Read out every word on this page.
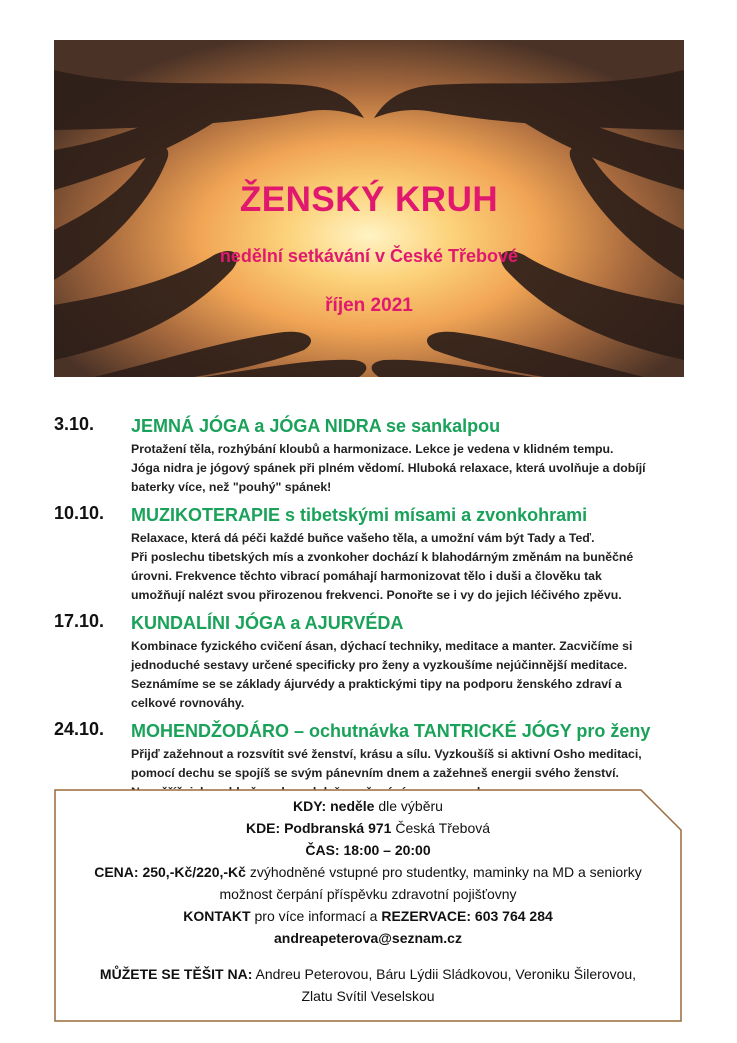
ŽENSKÝ KRUH
nedělní setkávání v České Třebové
říjen 2021
3.10. JEMNÁ JÓGA a JÓGA NIDRA se sankalpou
Protažení těla, rozhýbání kloubů a harmonizace. Lekce je vedena v klidném tempu.
Jóga nidra je jógový spánek při plném vědomí. Hluboká relaxace, která uvolňuje a dobíjí
baterky více, než "pouhý" spánek!
10.10. MUZIKOTERAPIE s tibetskými mísami a zvonkohrami
Relaxace, která dá péči každé buňce vašeho těla, a umožní vám být Tady a Teď.
Při poslechu tibetských mís a zvonkoher dochází k blahodárným změnám na buněčné
úrovni. Frekvence těchto vibrací pomáhají harmonizovat tělo i duši a člověku tak
umožňují nalézt svou přirozenou frekvenci. Ponořte se i vy do jejich léčivého zpěvu.
17.10. KUNDALÍNI JÓGA a AJURVÉDA
Kombinace fyzického cvičení ásan, dýchací techniky, meditace a manter. Zacvičíme si
jednoduché sestavy určené specificky pro ženy a vyzkoušíme nejúčinnější meditace.
Seznámíme se se základy ájurvédy a praktickými tipy na podporu ženského zdraví a
celkové rovnováhy.
24.10. MOHENDŽODÁRO – ochutnávka TANTRICKÉ JÓGY pro ženy
Přijď zažehnout a rozsvítit své ženství, krásu a sílu. Vyzkoušíš si aktivní Osho meditaci,
pomocí dechu se spojíš se svým pánevním dnem a zažehneš energii svého ženství.
KDY: neděle dle výběru
KDE: Podbranská 971 Česká Třebová
ČAS: 18:00 – 20:00
CENA: 250,-Kč/220,-Kč zvýhodněné vstupné pro studentky, maminky na MD a seniorky
možnost čerpání příspěvku zdravotní pojišťovny
KONTAKT pro více informací a REZERVACE: 603 764 284
andreapeterova@seznam.cz
MŮŽETE SE TĚŠIT NA: Andreu Peterovou, Báru Lýdii Sládkovou, Veroniku Šilerovou,
Zlatu Svítil Veselskou
